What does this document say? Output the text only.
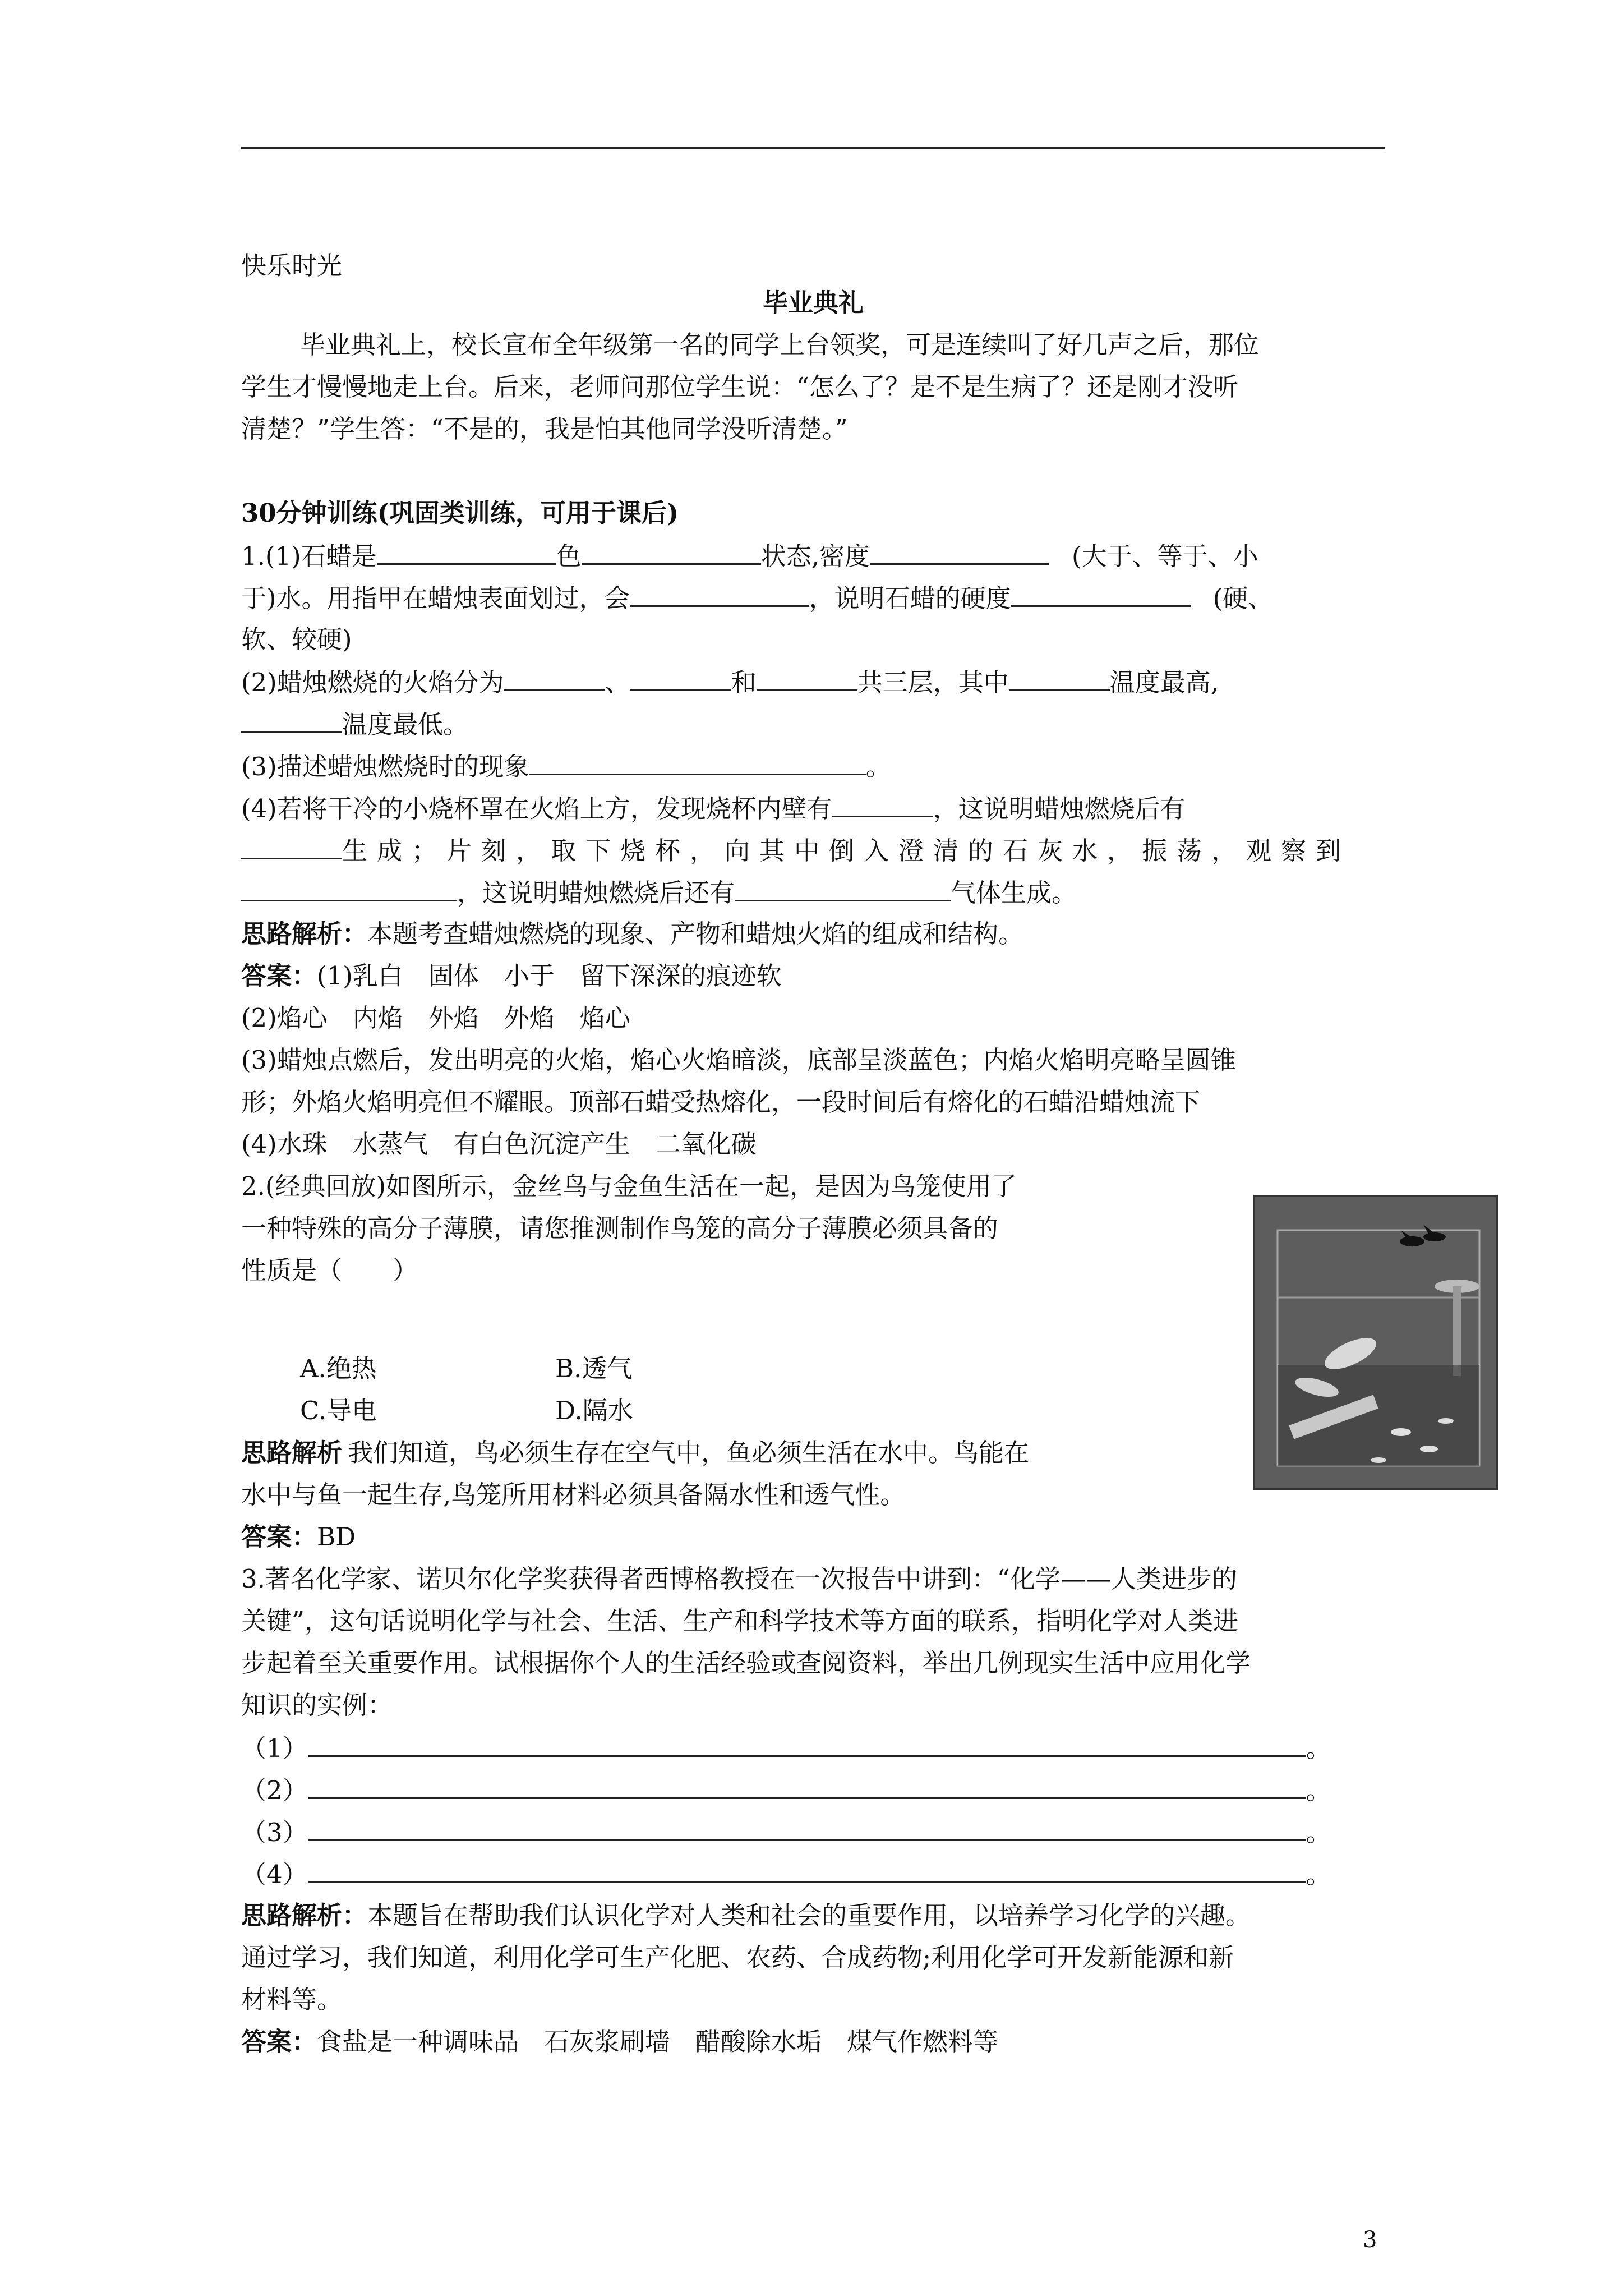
快乐时光
毕业典礼
毕业典礼上，校长宣布全年级第一名的同学上台领奖，可是连续叫了好几声之后，那位
学生才慢慢地走上台。后来，老师问那位学生说：“怎么了？是不是生病了？还是刚才没听
清楚？”学生答：“不是的，我是怕其他同学没听清楚。”
30分钟训练(巩固类训练，可用于课后)
1.(1)石蜡是	色	状态,密度	(大于、等于、小
于)水。用指甲在蜡烛表面划过，会	，说明石蜡的硬度	(硬、
软、较硬)
(2)蜡烛燃烧的火焰分为	、	和	共三层，其中	温度最高,
温度最低。
(3)描述蜡烛燃烧时的现象	。
(4)若将干冷的小烧杯罩在火焰上方，发现烧杯内壁有	，这说明蜡烛燃烧后有
生成；片刻，取下烧杯，向其中倒入澄清的石灰水，振荡，观察到
，这说明蜡烛燃烧后还有	气体生成。
思路解析：本题考查蜡烛燃烧的现象、产物和蜡烛火焰的组成和结构。
答案：(1)乳白　固体　小于　留下深深的痕迹软
(2)焰心　内焰　外焰　外焰　焰心
(3)蜡烛点燃后，发出明亮的火焰，焰心火焰暗淡，底部呈淡蓝色；内焰火焰明亮略呈圆锥
形；外焰火焰明亮但不耀眼。顶部石蜡受热熔化，一段时间后有熔化的石蜡沿蜡烛流下
(4)水珠　水蒸气　有白色沉淀产生　二氧化碳
2.(经典回放)如图所示，金丝鸟与金鱼生活在一起，是因为鸟笼使用了
一种特殊的高分子薄膜，请您推测制作鸟笼的高分子薄膜必须具备的
性质是（　　）
A.绝热	B.透气
C.导电	D.隔水
思路解析 我们知道，鸟必须生存在空气中，鱼必须生活在水中。鸟能在
水中与鱼一起生存,鸟笼所用材料必须具备隔水性和透气性。
答案：BD
3.著名化学家、诺贝尔化学奖获得者西博格教授在一次报告中讲到：“化学——人类进步的
关键”，这句话说明化学与社会、生活、生产和科学技术等方面的联系，指明化学对人类进
步起着至关重要作用。试根据你个人的生活经验或查阅资料，举出几例现实生活中应用化学
知识的实例：
（1）	。
（2）	。
（3）	。
（4）	。
思路解析：本题旨在帮助我们认识化学对人类和社会的重要作用，以培养学习化学的兴趣。
通过学习，我们知道，利用化学可生产化肥、农药、合成药物;利用化学可开发新能源和新
材料等。
答案：食盐是一种调味品　石灰浆刷墙　醋酸除水垢　煤气作燃料等
3
